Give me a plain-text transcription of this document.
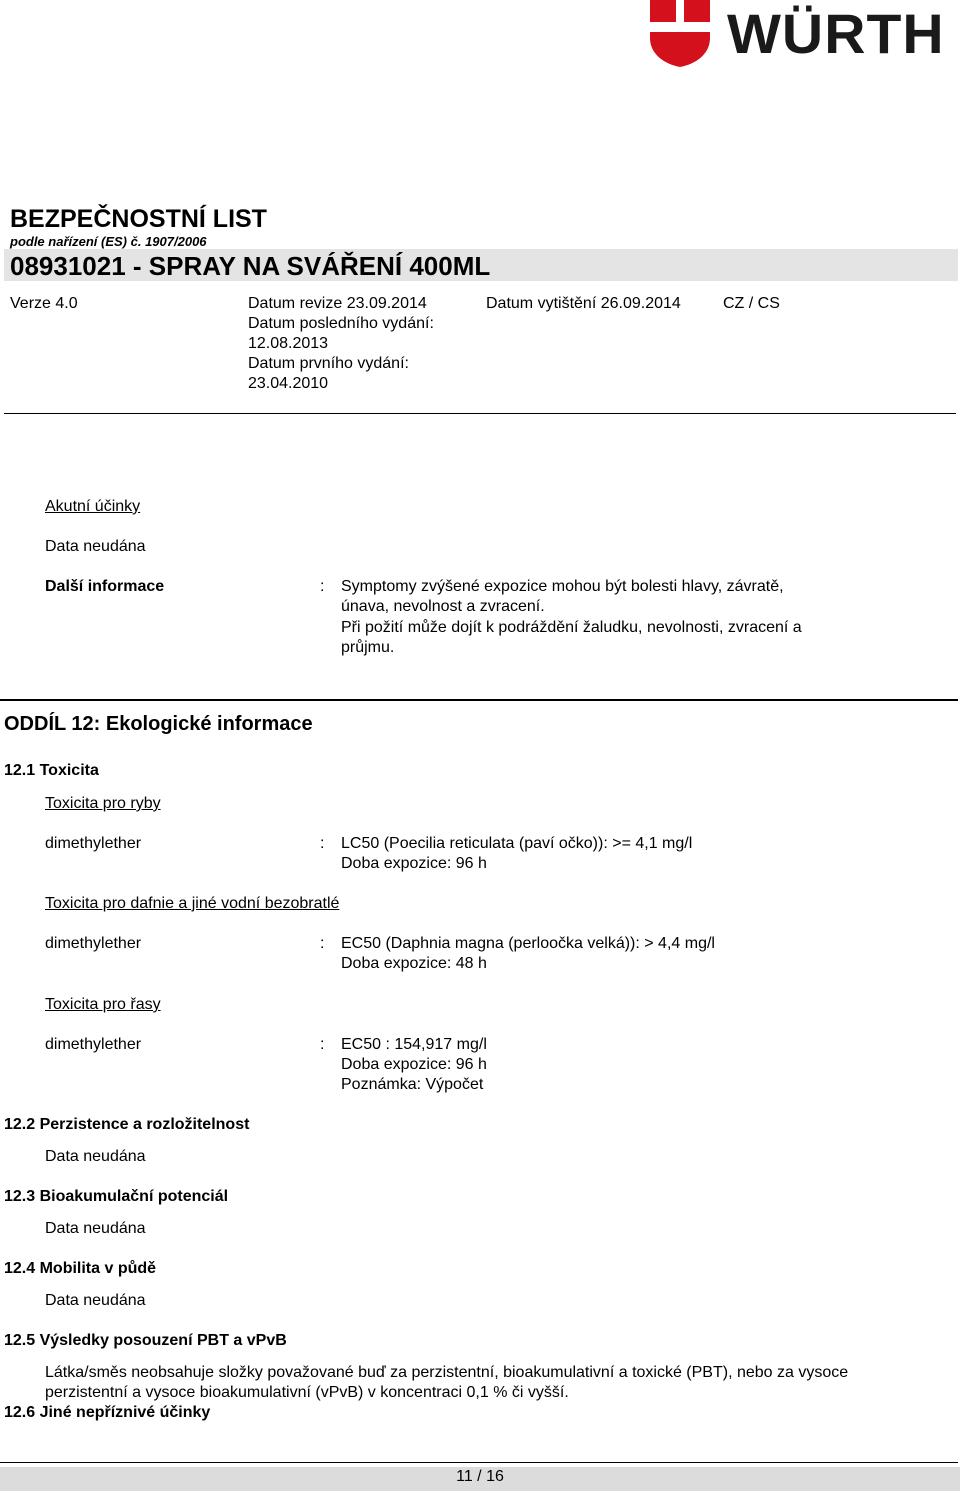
WÜRTH
BEZPEČNOSTNÍ LIST
podle nařízení (ES) č. 1907/2006
08931021 - SPRAY NA SVÁŘENÍ 400ML
Verze 4.0	Datum revize 23.09.2014
Datum posledního vydání:
12.08.2013
Datum prvního vydání:
23.04.2010
Datum vytištění 26.09.2014	CZ / CS
Akutní účinky
Data neudána
Další informace	: Symptomy zvýšené expozice mohou být bolesti hlavy, závratě,
únava, nevolnost a zvracení.
Při požití může dojít k podráždění žaludku, nevolnosti, zvracení a
průjmu.
ODDÍL 12: Ekologické informace
12.1 Toxicita
Toxicita pro ryby
dimethylether	: LC50 (Poecilia reticulata (paví očko)): >= 4,1 mg/l
Doba expozice: 96 h
Toxicita pro dafnie a jiné vodní bezobratlé
dimethylether	: EC50 (Daphnia magna (perloočka velká)): > 4,4 mg/l
Doba expozice: 48 h
Toxicita pro řasy
dimethylether	: EC50 : 154,917 mg/l
Doba expozice: 96 h
Poznámka: Výpočet
12.2 Perzistence a rozložitelnost
Data neudána
12.3 Bioakumulační potenciál
Data neudána
12.4 Mobilita v půdě
Data neudána
12.5 Výsledky posouzení PBT a vPvB
Látka/směs neobsahuje složky považované buď za perzistentní, bioakumulativní a toxické (PBT), nebo za vysoce
perzistentní a vysoce bioakumulativní (vPvB) v koncentraci 0,1 % či vyšší.
12.6 Jiné nepříznivé účinky
11 / 16
